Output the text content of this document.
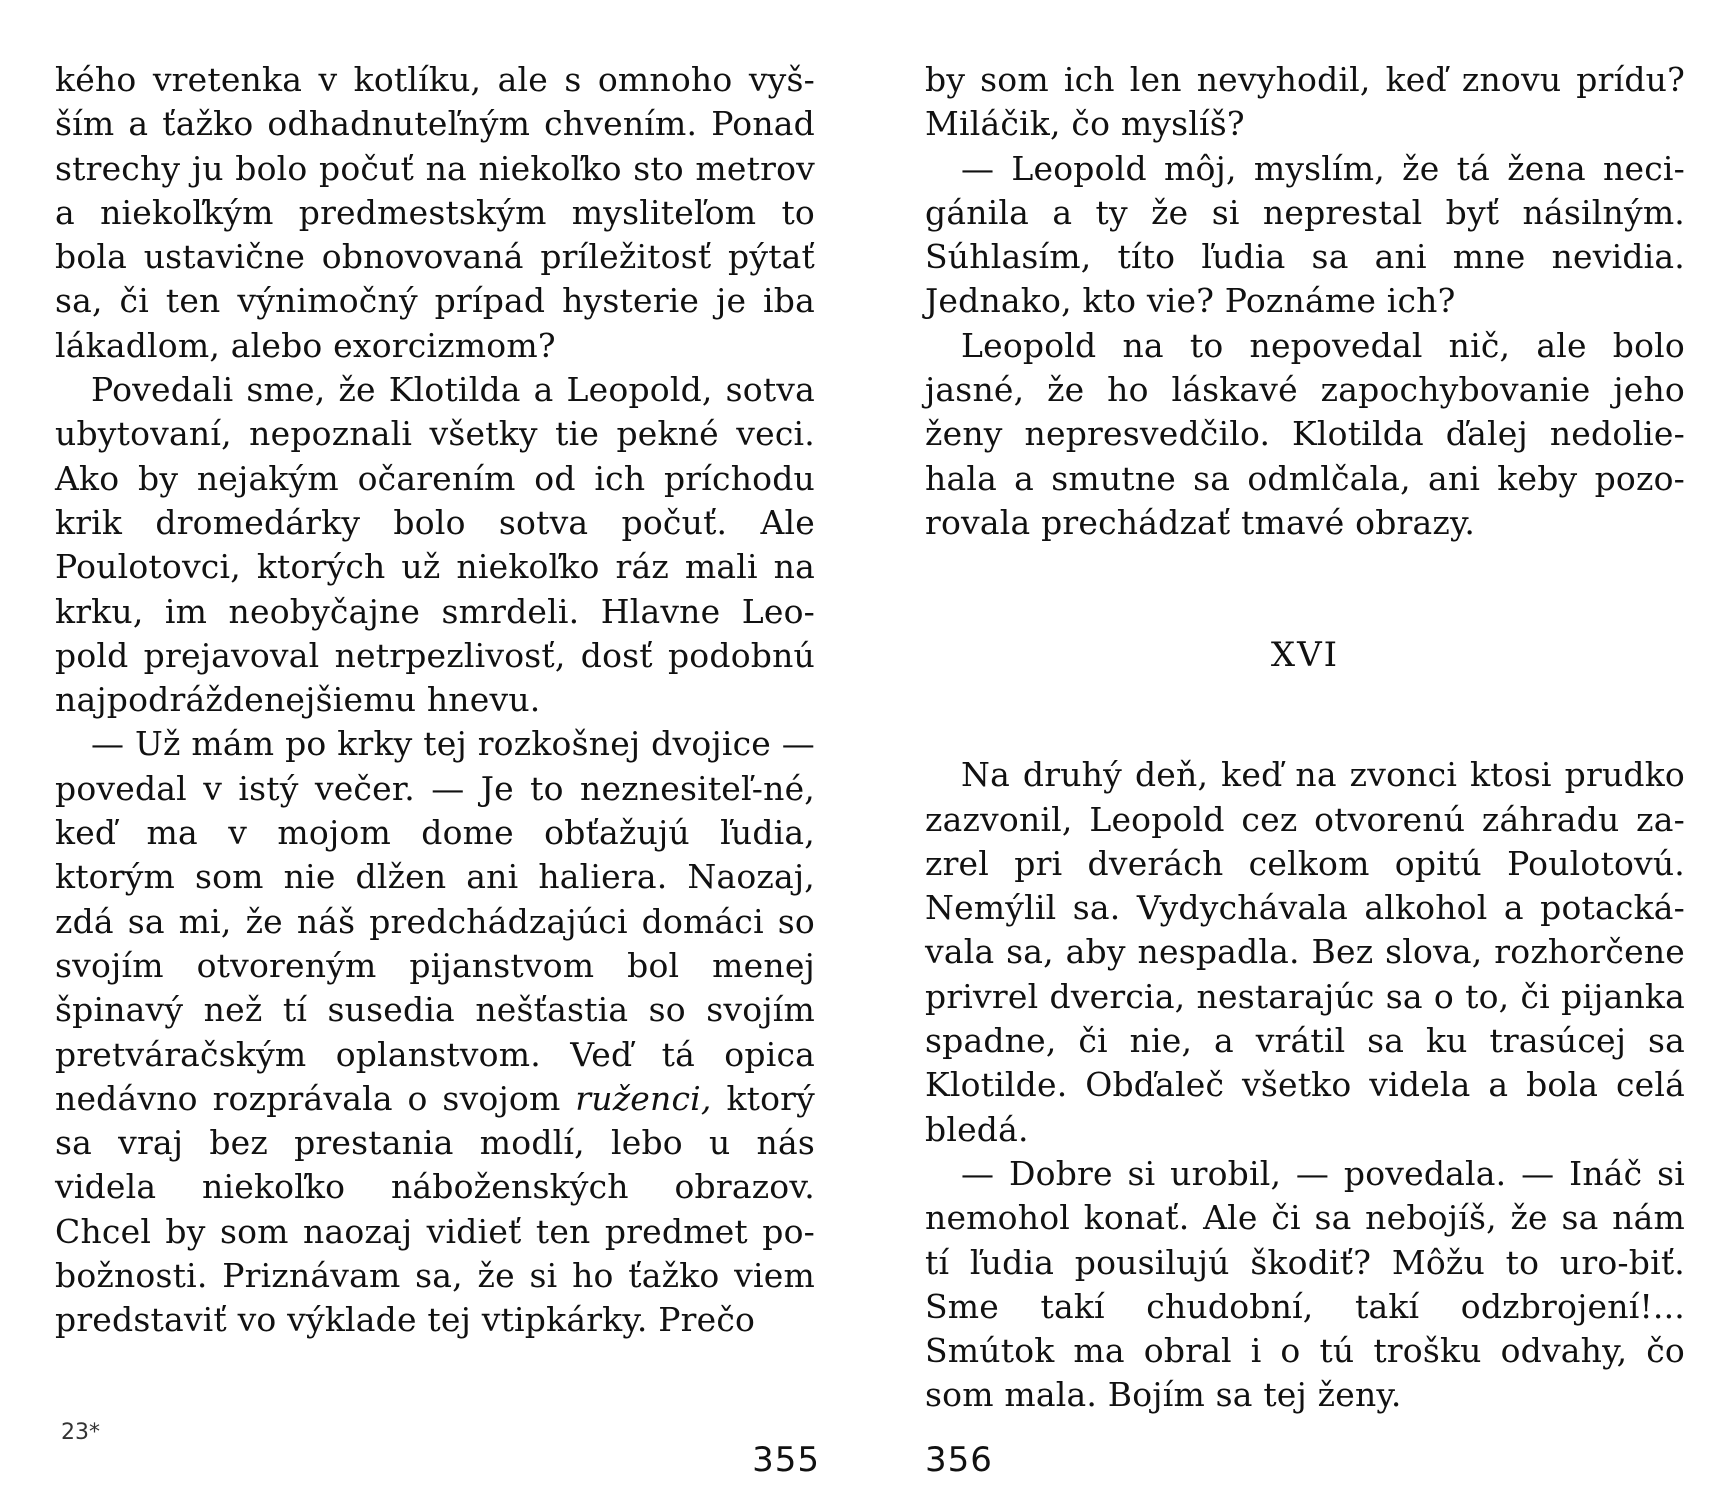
kého vretenka v kotlíku, ale s omnoho vyš-ším a ťažko odhadnuteľným chvením. Ponad strechy ju bolo počuť na niekoľko sto metrov a niekoľkým predmestským mysliteľom to bola ustavične obnovovaná príležitosť pýtať sa, či ten výnimočný prípad hysterie je iba lákadlom, alebo exorcizmom?

Povedali sme, že Klotilda a Leopold, sotva ubytovaní, nepoznali všetky tie pekné veci. Ako by nejakým očarením od ich príchodu krik dromedárky bolo sotva počuť. Ale Poulotovci, ktorých už niekoľko ráz mali na krku, im neobyčajne smrdeli. Hlavne Leo-pold prejavoval netrpezlivosť, dosť podobnú najpodráždenejšiemu hnevu.

— Už mám po krky tej rozkošnej dvojice — povedal v istý večer. — Je to neznesiteľ-né, keď ma v mojom dome obťažujú ľudia, ktorým som nie dlžen ani haliera. Naozaj, zdá sa mi, že náš predchádzajúci domáci so svojím otvoreným pijanstvom bol menej špinavý než tí susedia nešťastia so svojím pretváračským oplanstvom. Veď tá opica nedávno rozprávala o svojom ruženci, ktorý sa vraj bez prestania modlí, lebo u nás videla niekoľko náboženských obrazov. Chcel by som naozaj vidieť ten predmet po-božnosti. Priznávam sa, že si ho ťažko viem predstaviť vo výklade tej vtipkárky. Prečo

23*
355

by som ich len nevyhodil, keď znovu prídu? Miláčik, čo myslíš?

— Leopold môj, myslím, že tá žena neci-gánila a ty že si neprestal byť násilným. Súhlasím, títo ľudia sa ani mne nevidia. Jednako, kto vie? Poznáme ich?

Leopold na to nepovedal nič, ale bolo jasné, že ho láskavé zapochybovanie jeho ženy nepresvedčilo. Klotilda ďalej nedolie-hala a smutne sa odmlčala, ani keby pozo-rovala prechádzať tmavé obrazy.

XVI

Na druhý deň, keď na zvonci ktosi prudko zazvonil, Leopold cez otvorenú záhradu za-zrel pri dverách celkom opitú Poulotovú. Nemýlil sa. Vydychávala alkohol a potacká-vala sa, aby nespadla. Bez slova, rozhorčene privrel dvercia, nestarajúc sa o to, či pijanka spadne, či nie, a vrátil sa ku trasúcej sa Klotilde. Obďaleč všetko videla a bola celá bledá.

— Dobre si urobil, — povedala. — Ináč si nemohol konať. Ale či sa nebojíš, že sa nám tí ľudia pousilujú škodiť? Môžu to uro-biť. Sme takí chudobní, takí odzbrojení!... Smútok ma obral i o tú trošku odvahy, čo som mala. Bojím sa tej ženy.

356
